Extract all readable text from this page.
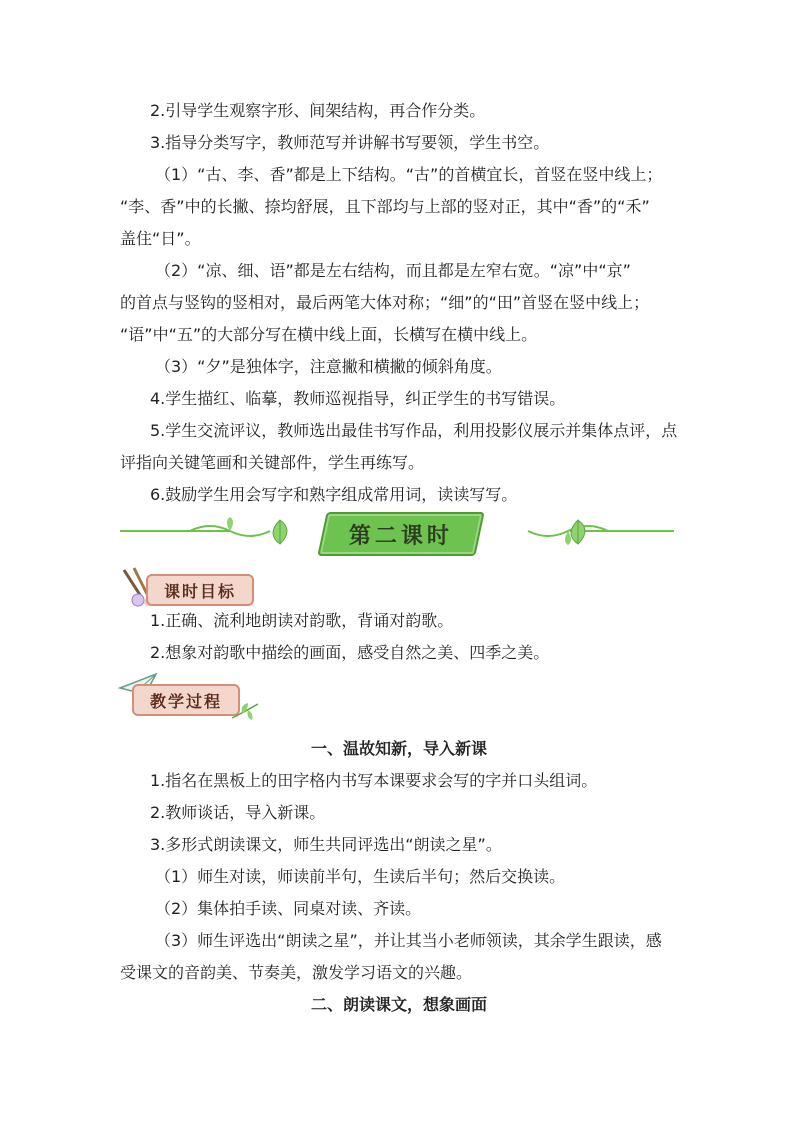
2.引导学生观察字形、间架结构，再合作分类。
3.指导分类写字，教师范写并讲解书写要领，学生书空。
（1）“古、李、香”都是上下结构。“古”的首横宜长，首竖在竖中线上；
“李、香”中的长撇、捺均舒展，且下部均与上部的竖对正，其中“香”的“禾”
盖住“日”。
（2）“凉、细、语”都是左右结构，而且都是左窄右宽。“凉”中“京”
的首点与竖钩的竖相对，最后两笔大体对称；“细”的“田”首竖在竖中线上；
“语”中“五”的大部分写在横中线上面，长横写在横中线上。
（3）“夕”是独体字，注意撇和横撇的倾斜角度。
4.学生描红、临摹，教师巡视指导，纠正学生的书写错误。
5.学生交流评议，教师选出最佳书写作品，利用投影仪展示并集体点评，点
评指向关键笔画和关键部件，学生再练写。
6.鼓励学生用会写字和熟字组成常用词，读读写写。
第二课时
课时目标
1.正确、流利地朗读对韵歌，背诵对韵歌。
2.想象对韵歌中描绘的画面，感受自然之美、四季之美。
教学过程
一、温故知新，导入新课
1.指名在黑板上的田字格内书写本课要求会写的字并口头组词。
2.教师谈话，导入新课。
3.多形式朗读课文，师生共同评选出“朗读之星”。
（1）师生对读，师读前半句，生读后半句；然后交换读。
（2）集体拍手读、同桌对读、齐读。
（3）师生评选出“朗读之星”，并让其当小老师领读，其余学生跟读，感
受课文的音韵美、节奏美，激发学习语文的兴趣。
二、朗读课文，想象画面
